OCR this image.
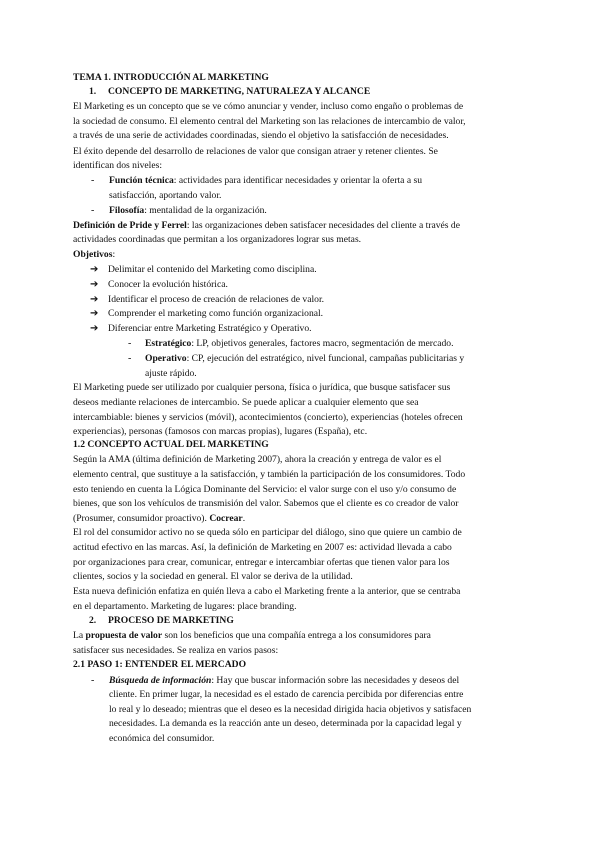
TEMA 1. INTRODUCCIÓN AL MARKETING
1. CONCEPTO DE MARKETING, NATURALEZA Y ALCANCE
El Marketing es un concepto que se ve cómo anunciar y vender, incluso como engaño o problemas de
la sociedad de consumo. El elemento central del Marketing son las relaciones de intercambio de valor,
a través de una serie de actividades coordinadas, siendo el objetivo la satisfacción de necesidades.
El éxito depende del desarrollo de relaciones de valor que consigan atraer y retener clientes. Se
identifican dos niveles:
- Función técnica: actividades para identificar necesidades y orientar la oferta a su
satisfacción, aportando valor.
- Filosofía: mentalidad de la organización.
Definición de Pride y Ferrel: las organizaciones deben satisfacer necesidades del cliente a través de
actividades coordinadas que permitan a los organizadores lograr sus metas.
Objetivos:
➔ Delimitar el contenido del Marketing como disciplina.
➔ Conocer la evolución histórica.
➔ Identificar el proceso de creación de relaciones de valor.
➔ Comprender el marketing como función organizacional.
➔ Diferenciar entre Marketing Estratégico y Operativo.
- Estratégico: LP, objetivos generales, factores macro, segmentación de mercado.
- Operativo: CP, ejecución del estratégico, nivel funcional, campañas publicitarias y
ajuste rápido.
El Marketing puede ser utilizado por cualquier persona, física o jurídica, que busque satisfacer sus
deseos mediante relaciones de intercambio. Se puede aplicar a cualquier elemento que sea
intercambiable: bienes y servicios (móvil), acontecimientos (concierto), experiencias (hoteles ofrecen
experiencias), personas (famosos con marcas propias), lugares (España), etc.
1.2 CONCEPTO ACTUAL DEL MARKETING
Según la AMA (última definición de Marketing 2007), ahora la creación y entrega de valor es el
elemento central, que sustituye a la satisfacción, y también la participación de los consumidores. Todo
esto teniendo en cuenta la Lógica Dominante del Servicio: el valor surge con el uso y/o consumo de
bienes, que son los vehículos de transmisión del valor. Sabemos que el cliente es co creador de valor
(Prosumer, consumidor proactivo). Cocrear.
El rol del consumidor activo no se queda sólo en participar del diálogo, sino que quiere un cambio de
actitud efectivo en las marcas. Así, la definición de Marketing en 2007 es: actividad llevada a cabo
por organizaciones para crear, comunicar, entregar e intercambiar ofertas que tienen valor para los
clientes, socios y la sociedad en general. El valor se deriva de la utilidad.
Esta nueva definición enfatiza en quién lleva a cabo el Marketing frente a la anterior, que se centraba
en el departamento. Marketing de lugares: place branding.
2. PROCESO DE MARKETING
La propuesta de valor son los beneficios que una compañía entrega a los consumidores para
satisfacer sus necesidades. Se realiza en varios pasos:
2.1 PASO 1: ENTENDER EL MERCADO
- Búsqueda de información: Hay que buscar información sobre las necesidades y deseos del
cliente. En primer lugar, la necesidad es el estado de carencia percibida por diferencias entre
lo real y lo deseado; mientras que el deseo es la necesidad dirigida hacia objetivos y satisfacen
necesidades. La demanda es la reacción ante un deseo, determinada por la capacidad legal y
económica del consumidor.
